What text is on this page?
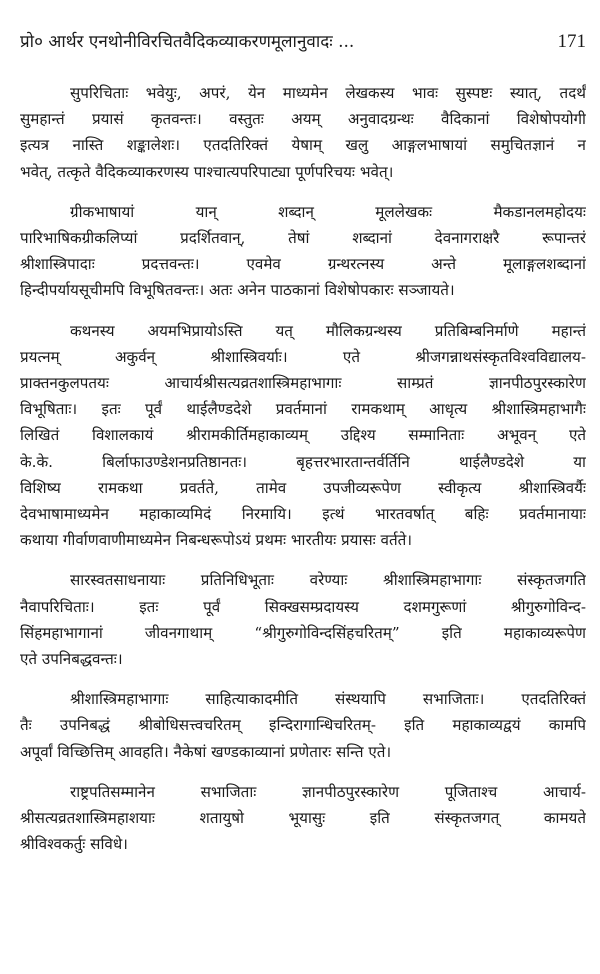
प्रो० आर्थर एनथोनीविरचितवैदिकव्याकरणमूलानुवादः ...	171
सुपरिचिताः भवेयुः, अपरं, येन माध्यमेन लेखकस्य भावः सुस्पष्टः स्यात्, तदर्थं
सुमहान्तं प्रयासं कृतवन्तः। वस्तुतः अयम् अनुवादग्रन्थः वैदिकानां विशेषोपयोगी
इत्यत्र नास्ति शङ्कालेशः। एतदतिरिक्तं येषाम् खलु आङ्गलभाषायां समुचितज्ञानं न
भवेत्, तत्कृते वैदिकव्याकरणस्य पाश्चात्यपरिपाट्या पूर्णपरिचयः भवेत्।
ग्रीकभाषायां यान् शब्दान् मूललेखकः मैकडानलमहोदयः
पारिभाषिकग्रीकलिप्यां प्रदर्शितवान्, तेषां शब्दानां देवनागराक्षरै रूपान्तरं
श्रीशास्त्रिपादाः प्रदत्तवन्तः। एवमेव ग्रन्थरत्नस्य अन्ते मूलाङ्गलशब्दानां
हिन्दीपर्यायसूचीमपि विभूषितवन्तः। अतः अनेन पाठकानां विशेषोपकारः सञ्जायते।
कथनस्य अयमभिप्रायोऽस्ति यत् मौलिकग्रन्थस्य प्रतिबिम्बनिर्माणे महान्तं
प्रयत्नम् अकुर्वन् श्रीशास्त्रिवर्याः। एते श्रीजगन्नाथसंस्कृतविश्वविद्यालय-
प्राक्तनकुलपतयः आचार्यश्रीसत्यव्रतशास्त्रिमहाभागाः साम्प्रतं ज्ञानपीठपुरस्कारेण
विभूषिताः। इतः पूर्वं थाईलैण्डदेशे प्रवर्तमानां रामकथाम् आधृत्य श्रीशास्त्रिमहाभागैः
लिखितं विशालकायं श्रीरामकीर्तिमहाकाव्यम् उद्दिश्य सम्मानिताः अभूवन् एते
के.के. बिर्लाफाउण्डेशनप्रतिष्ठानतः। बृहत्तरभारतान्तर्वर्तिनि थाईलैण्डदेशे या
विशिष्य रामकथा प्रवर्तते, तामेव उपजीव्यरूपेण स्वीकृत्य श्रीशास्त्रिवर्यैः
देवभाषामाध्यमेन महाकाव्यमिदं निरमायि। इत्थं भारतवर्षात् बहिः प्रवर्तमानायाः
कथाया गीर्वाणवाणीमाध्यमेन निबन्धरूपोऽयं प्रथमः भारतीयः प्रयासः वर्तते।
सारस्वतसाधनायाः प्रतिनिधिभूताः वरेण्याः श्रीशास्त्रिमहाभागाः संस्कृतजगति
नैवापरिचिताः। इतः पूर्वं सिक्खसम्प्रदायस्य दशमगुरूणां श्रीगुरुगोविन्द-
सिंहमहाभागानां जीवनगाथाम् “श्रीगुरुगोविन्दसिंहचरितम्” इति महाकाव्यरूपेण
एते उपनिबद्धवन्तः।
श्रीशास्त्रिमहाभागाः साहित्याकादमीति संस्थयापि सभाजिताः। एतदतिरिक्तं
तैः उपनिबद्धं श्रीबोधिसत्त्वचरितम् इन्दिरागान्धिचरितम्- इति महाकाव्यद्वयं कामपि
अपूर्वां विच्छित्तिम् आवहति। नैकेषां खण्डकाव्यानां प्रणेतारः सन्ति एते।
राष्ट्रपतिसम्मानेन सभाजिताः ज्ञानपीठपुरस्कारेण पूजिताश्च आचार्य-
श्रीसत्यव्रतशास्त्रिमहाशयाः शतायुषो भूयासुः इति संस्कृतजगत् कामयते
श्रीविश्वकर्तुः सविधे।
